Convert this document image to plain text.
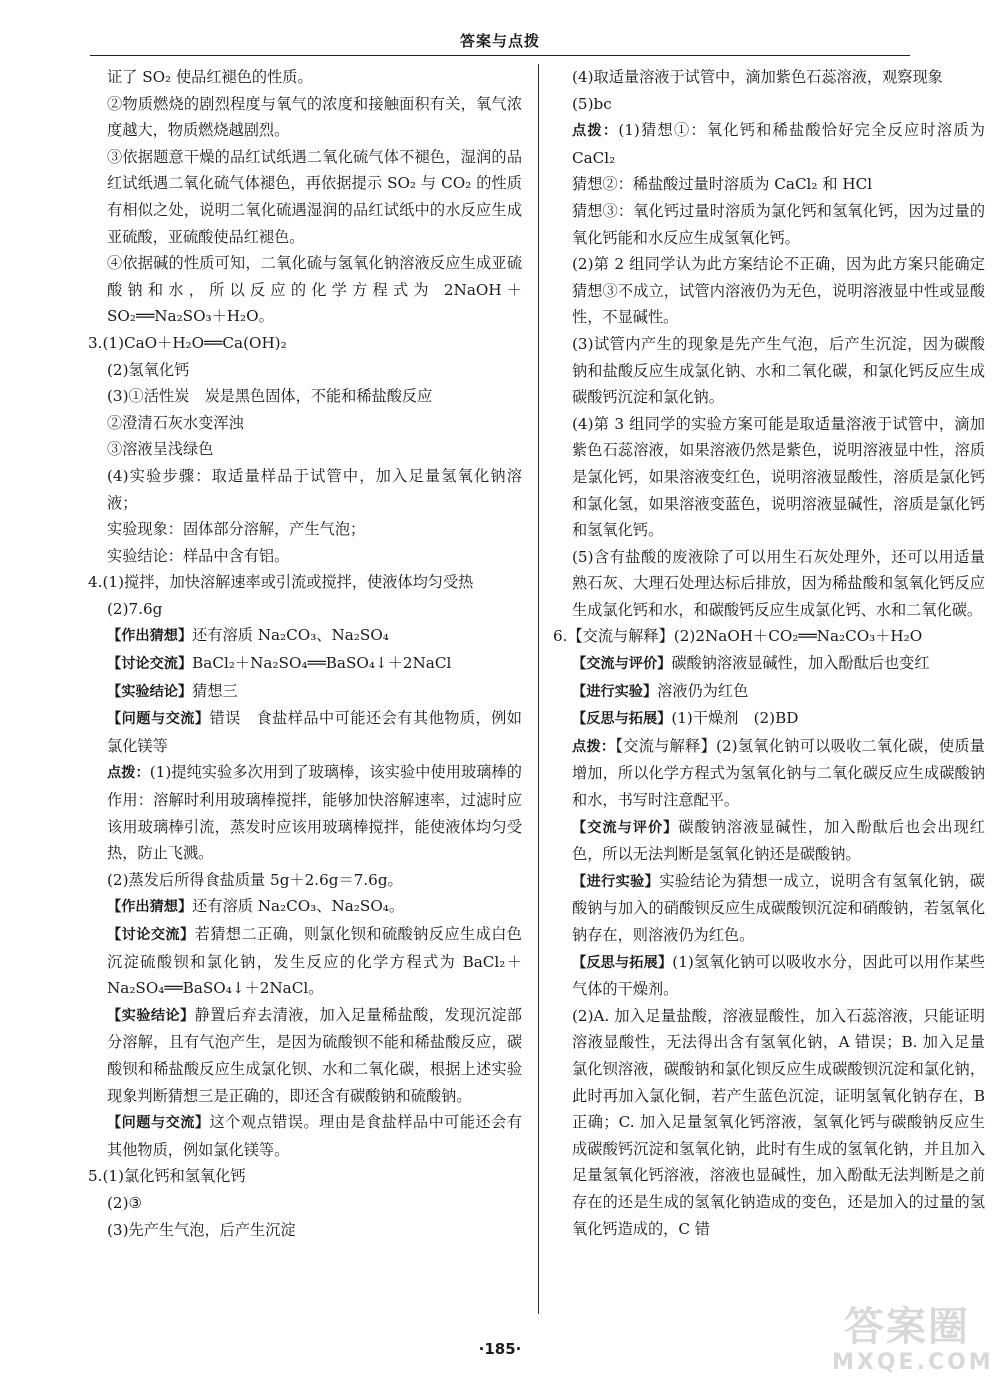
答案与点拨

证了 SO₂ 使品红褪色的性质。

②物质燃烧的剧烈程度与氧气的浓度和接触面积有关，氧气浓度越大，物质燃烧越剧烈。

③依据题意干燥的品红试纸遇二氧化硫气体不褪色，湿润的品红试纸遇二氧化硫气体褪色，再依据提示 SO₂ 与 CO₂ 的性质有相似之处，说明二氧化硫遇湿润的品红试纸中的水反应生成亚硫酸，亚硫酸使品红褪色。

④依据碱的性质可知，二氧化硫与氢氧化钠溶液反应生成亚硫酸钠和水，所以反应的化学方程式为 2NaOH＋SO₂══Na₂SO₃＋H₂O。

3.(1)CaO＋H₂O══Ca(OH)₂

(2)氢氧化钙

(3)①活性炭　炭是黑色固体，不能和稀盐酸反应

②澄清石灰水变浑浊

③溶液呈浅绿色

(4)实验步骤：取适量样品于试管中，加入足量氢氧化钠溶液；

实验现象：固体部分溶解，产生气泡；

实验结论：样品中含有铝。

4.(1)搅拌，加快溶解速率或引流或搅拌，使液体均匀受热

(2)7.6g

【作出猜想】还有溶质 Na₂CO₃、Na₂SO₄

【讨论交流】BaCl₂＋Na₂SO₄══BaSO₄↓＋2NaCl

【实验结论】猜想三

【问题与交流】错误　食盐样品中可能还会有其他物质，例如氯化镁等

点拨：(1)提纯实验多次用到了玻璃棒，该实验中使用玻璃棒的作用：溶解时利用玻璃棒搅拌，能够加快溶解速率，过滤时应该用玻璃棒引流，蒸发时应该用玻璃棒搅拌，能使液体均匀受热，防止飞溅。

(2)蒸发后所得食盐质量 5g＋2.6g＝7.6g。

【作出猜想】还有溶质 Na₂CO₃、Na₂SO₄。

【讨论交流】若猜想二正确，则氯化钡和硫酸钠反应生成白色沉淀硫酸钡和氯化钠，发生反应的化学方程式为 BaCl₂＋Na₂SO₄══BaSO₄↓＋2NaCl。

【实验结论】静置后弃去清液，加入足量稀盐酸，发现沉淀部分溶解，且有气泡产生，是因为硫酸钡不能和稀盐酸反应，碳酸钡和稀盐酸反应生成氯化钡、水和二氧化碳，根据上述实验现象判断猜想三是正确的，即还含有碳酸钠和硫酸钠。

【问题与交流】这个观点错误。理由是食盐样品中可能还会有其他物质，例如氯化镁等。

5.(1)氯化钙和氢氧化钙

(2)③

(3)先产生气泡，后产生沉淀

(4)取适量溶液于试管中，滴加紫色石蕊溶液，观察现象

(5)bc

点拨：(1)猜想①：氧化钙和稀盐酸恰好完全反应时溶质为 CaCl₂

猜想②：稀盐酸过量时溶质为 CaCl₂ 和 HCl

猜想③：氧化钙过量时溶质为氯化钙和氢氧化钙，因为过量的氧化钙能和水反应生成氢氧化钙。

(2)第 2 组同学认为此方案结论不正确，因为此方案只能确定猜想③不成立，试管内溶液仍为无色，说明溶液显中性或显酸性，不显碱性。

(3)试管内产生的现象是先产生气泡，后产生沉淀，因为碳酸钠和盐酸反应生成氯化钠、水和二氧化碳，和氯化钙反应生成碳酸钙沉淀和氯化钠。

(4)第 3 组同学的实验方案可能是取适量溶液于试管中，滴加紫色石蕊溶液，如果溶液仍然是紫色，说明溶液显中性，溶质是氯化钙，如果溶液变红色，说明溶液显酸性，溶质是氯化钙和氯化氢，如果溶液变蓝色，说明溶液显碱性，溶质是氯化钙和氢氧化钙。

(5)含有盐酸的废液除了可以用生石灰处理外，还可以用适量熟石灰、大理石处理达标后排放，因为稀盐酸和氢氧化钙反应生成氯化钙和水，和碳酸钙反应生成氯化钙、水和二氧化碳。

6.【交流与解释】(2)2NaOH＋CO₂══Na₂CO₃＋H₂O

【交流与评价】碳酸钠溶液显碱性，加入酚酞后也变红

【进行实验】溶液仍为红色

【反思与拓展】(1)干燥剂　(2)BD

点拨：【交流与解释】(2)氢氧化钠可以吸收二氧化碳，使质量增加，所以化学方程式为氢氧化钠与二氧化碳反应生成碳酸钠和水，书写时注意配平。

【交流与评价】碳酸钠溶液显碱性，加入酚酞后也会出现红色，所以无法判断是氢氧化钠还是碳酸钠。

【进行实验】实验结论为猜想一成立，说明含有氢氧化钠，碳酸钠与加入的硝酸钡反应生成碳酸钡沉淀和硝酸钠，若氢氧化钠存在，则溶液仍为红色。

【反思与拓展】(1)氢氧化钠可以吸收水分，因此可以用作某些气体的干燥剂。

(2)A. 加入足量盐酸，溶液显酸性，加入石蕊溶液，只能证明溶液显酸性，无法得出含有氢氧化钠，A 错误；B. 加入足量氯化钡溶液，碳酸钠和氯化钡反应生成碳酸钡沉淀和氯化钠，此时再加入氯化铜，若产生蓝色沉淀，证明氢氧化钠存在，B 正确；C. 加入足量氢氧化钙溶液，氢氧化钙与碳酸钠反应生成碳酸钙沉淀和氢氧化钠，此时有生成的氢氧化钠，并且加入足量氢氧化钙溶液，溶液也显碱性，加入酚酞无法判断是之前存在的还是生成的氢氧化钠造成的变色，还是加入的过量的氢氧化钙造成的，C 错

·185·	答案圈
MXQE.COM
